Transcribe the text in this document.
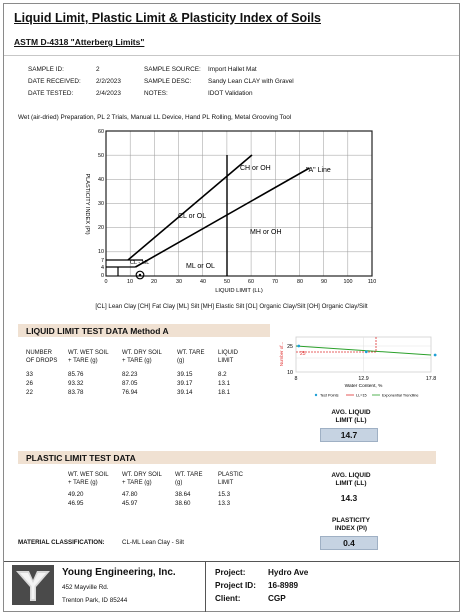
Liquid Limit, Plastic Limit & Plasticity Index of Soils
ASTM D-4318 "Atterberg Limits"
SAMPLE ID:	2
DATE RECEIVED: 2/2/2023
DATE TESTED:	2/4/2023
SAMPLE SOURCE: Import Hallet Mat
SAMPLE DESC:	Sandy Lean CLAY with Gravel
NOTES:	IDOT Validation
Wet (air-dried) Preparation, PL 2 Trials, Manual LL Device, Hand PL Rolling, Metal Grooving Tool
CH or OH	"A" Line
CL or OL
MH or OH
ML or OL
CL - ML
PLASTICITY INDEX (PI)
LIQUID LIMIT (LL)
60
50
40
30
20
10
7
4
0
0	10	20	30	40	50	60	70	80	90	100	110
[CL] Lean Clay [CH] Fat Clay [ML] Silt [MH] Elastic Silt [OL] Organic Clay/Silt [OH] Organic Clay/Silt
LIQUID LIMIT TEST DATA Method A
NUMBER
OF DROPS
WT. WET SOIL
+ TARE (g)
WT. DRY SOIL
+ TARE (g)
WT. TARE
(g)
LIQUID
LIMIT
33	85.76	82.23	39.15	8.2
26	93.32	87.05	39.17	13.1
22	83.78	76.94	39.14	18.1
25
25
10
8	12.9	17.8
Number of...
Water Content, %
Test Points	LL=15	Exponential Trendline
AVG. LIQUID
LIMIT (LL)
14.7
PLASTIC LIMIT TEST DATA
WT. WET SOIL
+ TARE (g)
WT. DRY SOIL
+ TARE (g)
WT. TARE
(g)
PLASTIC
LIMIT
49.20	47.80	38.64	15.3
46.95	45.97	38.60	13.3
AVG. LIQUID
LIMIT (LL)
14.3
PLASTICITY
INDEX (PI)
0.4
MATERIAL CLASSIFICATION:	CL-ML Lean Clay - Silt
Young Engineering, Inc.
452 Mayville Rd.
Trenton Park, ID 85244
Project:	Hydro Ave
Project ID: 16-8989
Client:	CGP
